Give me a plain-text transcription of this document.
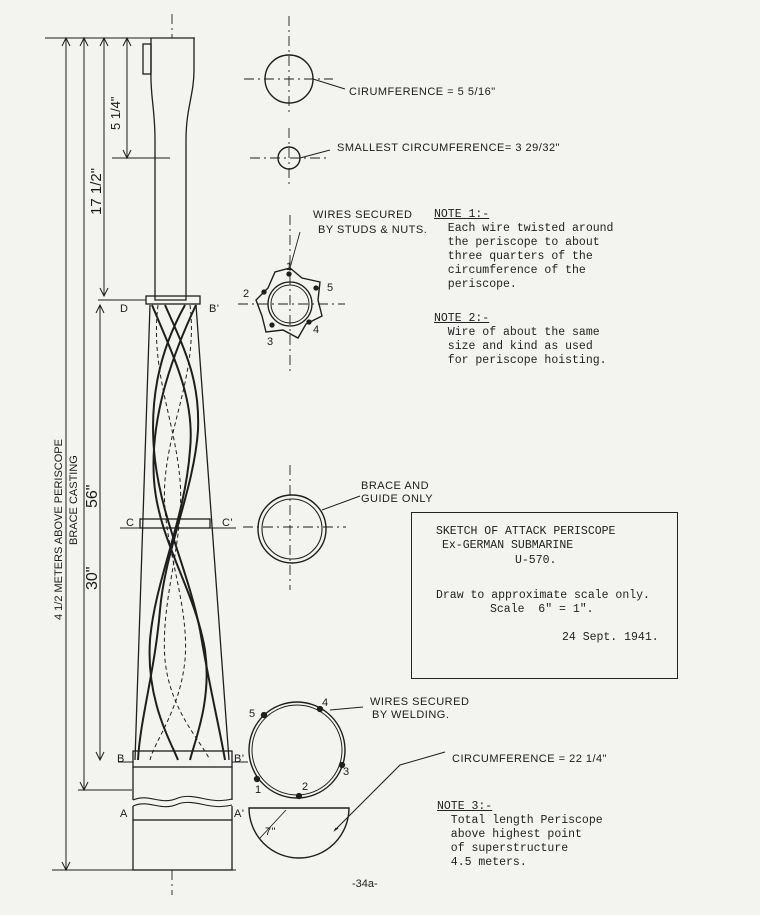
CIRUMFERENCE = 5 5/16"
SMALLEST CIRCUMFERENCE= 3 29/32"
WIRES SECURED
BY STUDS & NUTS.
BRACE AND
GUIDE ONLY
WIRES SECURED
BY WELDING.
CIRCUMFERENCE = 22 1/4"
1
5
4
3
2
4
5
3
2
1
7"
D	B'
C	C'
B	B'
A	A'
5 1/4"
17 1/2"
30"
56"
4 1/2 METERS ABOVE PERISCOPE BRACE CASTING
-34a-
NOTE 1:-
Each wire twisted around
the periscope to about
three quarters of the
circumference of the
periscope.
NOTE 2:-
Wire of about the same
size and kind as used
for periscope hoisting.
NOTE 3:-
Total length Periscope
above highest point
of superstructure
4.5 meters.
SKETCH OF ATTACK PERISCOPE
Ex-GERMAN SUBMARINE
U-570.
Draw to approximate scale only.
Scale  6" = 1".
24 Sept. 1941.
